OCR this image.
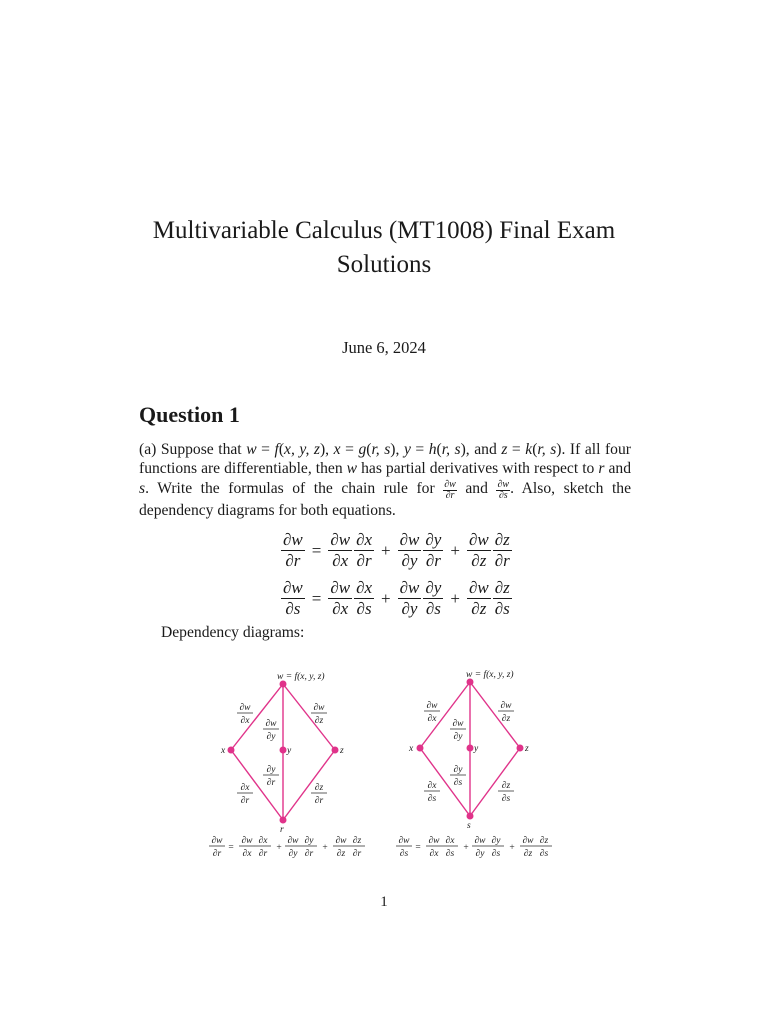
Multivariable Calculus (MT1008) Final Exam
Solutions
June 6, 2024
Question 1

(a) Suppose that w = f(x, y, z), x = g(r, s), y = h(r, s), and z = k(r, s). If all four functions are differentiable, then w has partial derivatives with respect to r and s. Write the formulas of the chain rule for $\frac{\partial w}{\partial r}$ and $\frac{\partial w}{\partial s}$ . Also, sketch the dependency diagrams for both equations.

$\frac{\partial w}{\partial r} = \frac{\partial w}{\partial x} \frac{\partial x}{\partial r} + \frac{\partial w}{\partial y} \frac{\partial y}{\partial r} + \frac{\partial w}{\partial z} \frac{\partial z}{\partial r}$
$\frac{\partial w}{\partial s} = \frac{\partial w}{\partial x} \frac{\partial x}{\partial s} + \frac{\partial w}{\partial y} \frac{\partial y}{\partial s} + \frac{\partial w}{\partial z} \frac{\partial z}{\partial s}$
Dependency diagrams:
w = f(x, y, z)
x	y	z
r
∂w
∂x ∂w
∂y
∂w
∂z
∂y
∂r
∂x
∂r
∂z
∂r
∂w
∂r
=
∂w
∂x
∂x
∂r
+
∂w
∂y
∂y
∂r
+
∂w
∂z
∂z
∂r
w = f(x, y, z)
x	y	z
s
∂w
∂x ∂w
∂y
∂w
∂z
∂y
∂s
∂x
∂s
∂z
∂s
∂w
∂s
=
∂w
∂x
∂x
∂s
+
∂w
∂y
∂y
∂s
+
∂w
∂z
∂z
∂s
1
